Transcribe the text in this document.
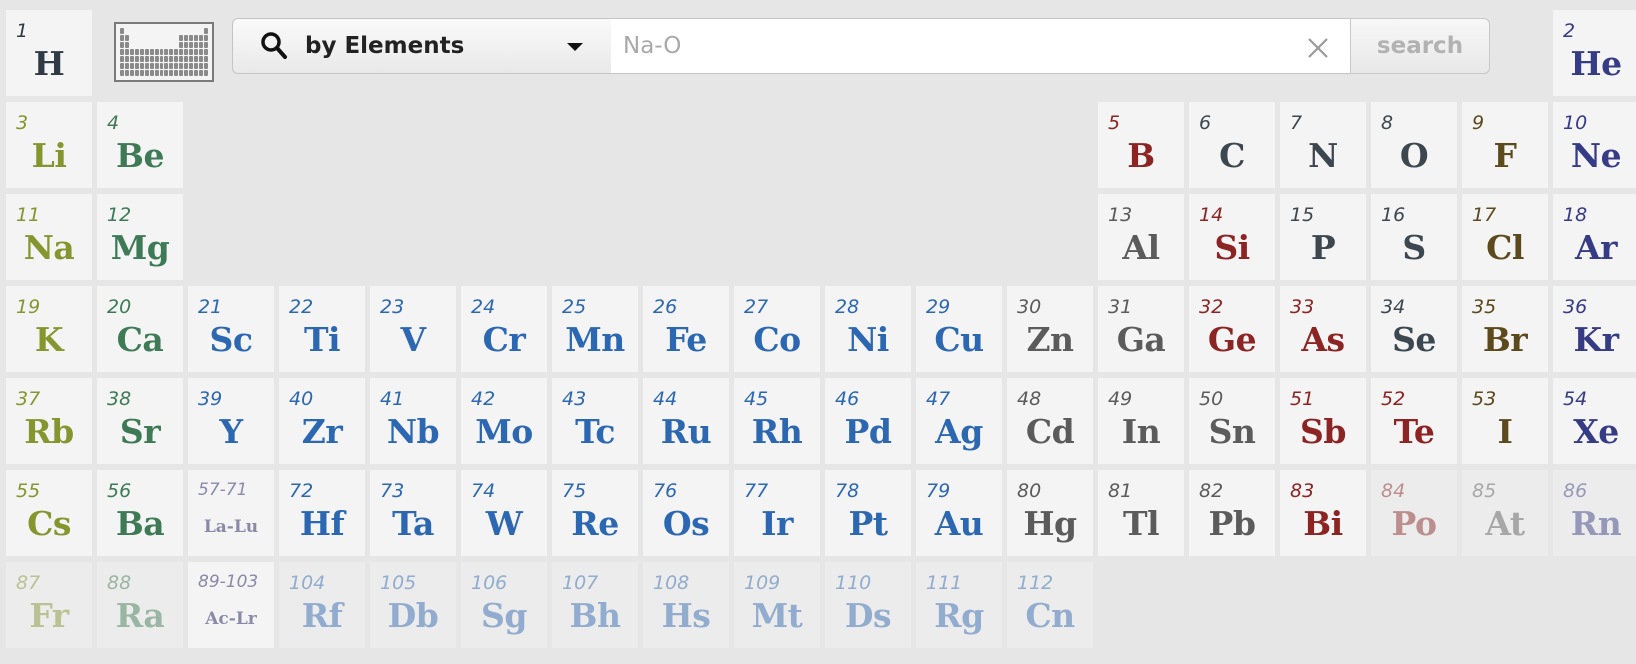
1
H
2
He
3
Li
4
Be
5
B
6
C
7
N
8
O
9
F
10
Ne
11
Na
12
Mg
13
Al
14
Si
15
P
16
S
17
Cl
18
Ar
19
K
20
Ca
21
Sc
22
Ti
23
V
24
Cr
25
Mn
26
Fe
27
Co
28
Ni
29
Cu
30
Zn
31
Ga
32
Ge
33
As
34
Se
35
Br
36
Kr
37
Rb
38
Sr
39
Y
40
Zr
41
Nb
42
Mo
43
Tc
44
Ru
45
Rh
46
Pd
47
Ag
48
Cd
49
In
50
Sn
51
Sb
52
Te
53
I
54
Xe
55
Cs
56
Ba
57-71
La-Lu
72
Hf
73
Ta
74
W
75
Re
76
Os
77
Ir
78
Pt
79
Au
80
Hg
81
Tl
82
Pb
83
Bi
84
Po
85
At
86
Rn
87
Fr
88
Ra
89-103
Ac-Lr
104
Rf
105
Db
106
Sg
107
Bh
108
Hs
109
Mt
110
Ds
111
Rg
112
Cn
by Elements
Na-O	search
